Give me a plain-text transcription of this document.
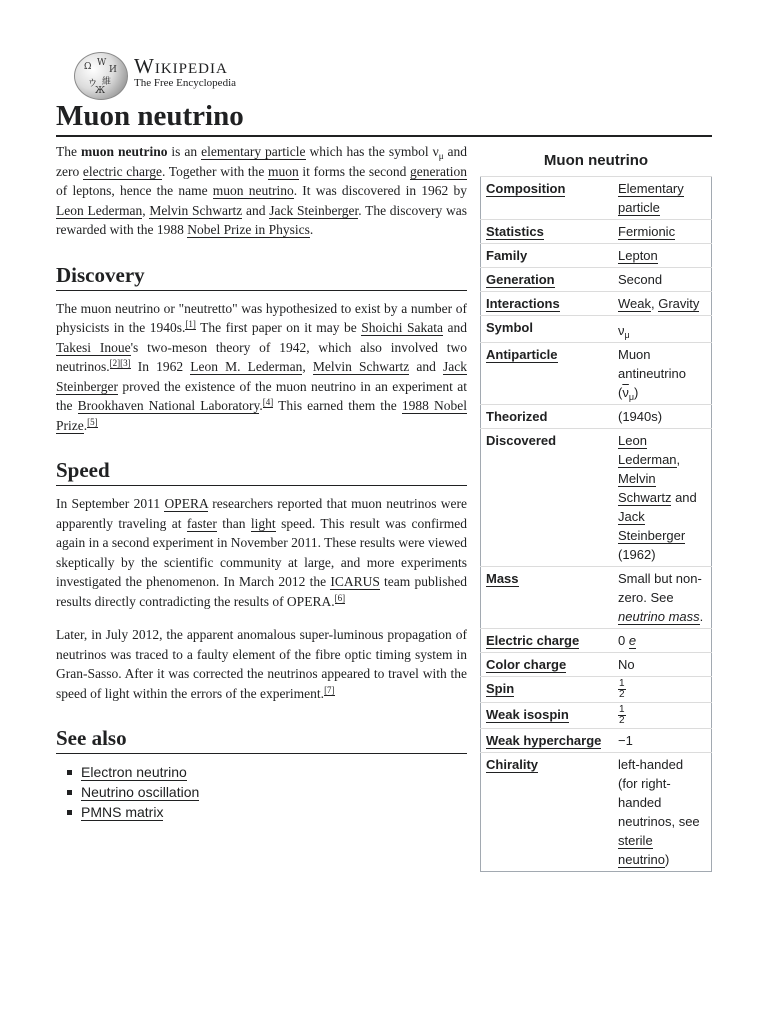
Ω W
И
ウ 維
Ж
Wikipedia
The Free Encyclopedia
Muon neutrino

The muon neutrino is an elementary particle which has the symbol $\nu_\mu$ and zero electric charge. Together with the muon it forms the second generation of leptons, hence the name muon neutrino. It was discovered in 1962 by Leon Lederman, Melvin Schwartz and Jack Steinberger. The discovery was rewarded with the 1988 Nobel Prize in Physics.

Discovery

The muon neutrino or "neutretto" was hypothesized to exist by a number of physicists in the 1940s.[1] The first paper on it may be Shoichi Sakata and Takesi Inoue's two-meson theory of 1942, which also involved two neutrinos.[2][3] In 1962 Leon M. Lederman, Melvin Schwartz and Jack Steinberger proved the existence of the muon neutrino in an experiment at the Brookhaven National Laboratory.[4] This earned them the 1988 Nobel Prize.[5]

Speed

In September 2011 OPERA researchers reported that muon neutrinos were apparently traveling at faster than light speed. This result was confirmed again in a second experiment in November 2011. These results were viewed skeptically by the scientific community at large, and more experiments investigated the phenomenon. In March 2012 the ICARUS team published results directly contradicting the results of OPERA.[6]

Later, in July 2012, the apparent anomalous super-luminous propagation of neutrinos was traced to a faulty element of the fibre optic timing system in Gran-Sasso. After it was corrected the neutrinos appeared to travel with the speed of light within the errors of the experiment.[7]

See also
Electron neutrino
Neutrino oscillation
PMNS matrix
Muon neutrino
Composition	Elementary particle
Statistics	Fermionic
Family	Lepton
Generation	Second
Interactions	Weak, Gravity
Symbol	$\nu_\mu$
Antiparticle	Muon antineutrino $(\overline{\nu}_\mu)$
Theorized	(1940s)
Discovered	Leon Lederman, Melvin Schwartz and Jack Steinberger (1962)
Mass	Small but non-zero. See neutrino mass.
Electric charge	0 e
Color charge	No
Spin	$\frac{1}{2}$

Weak isospin	$\frac{1}{2}$

Weak hypercharge	−1
Chirality	left-handed (for right-handed neutrinos, see sterile neutrino)
